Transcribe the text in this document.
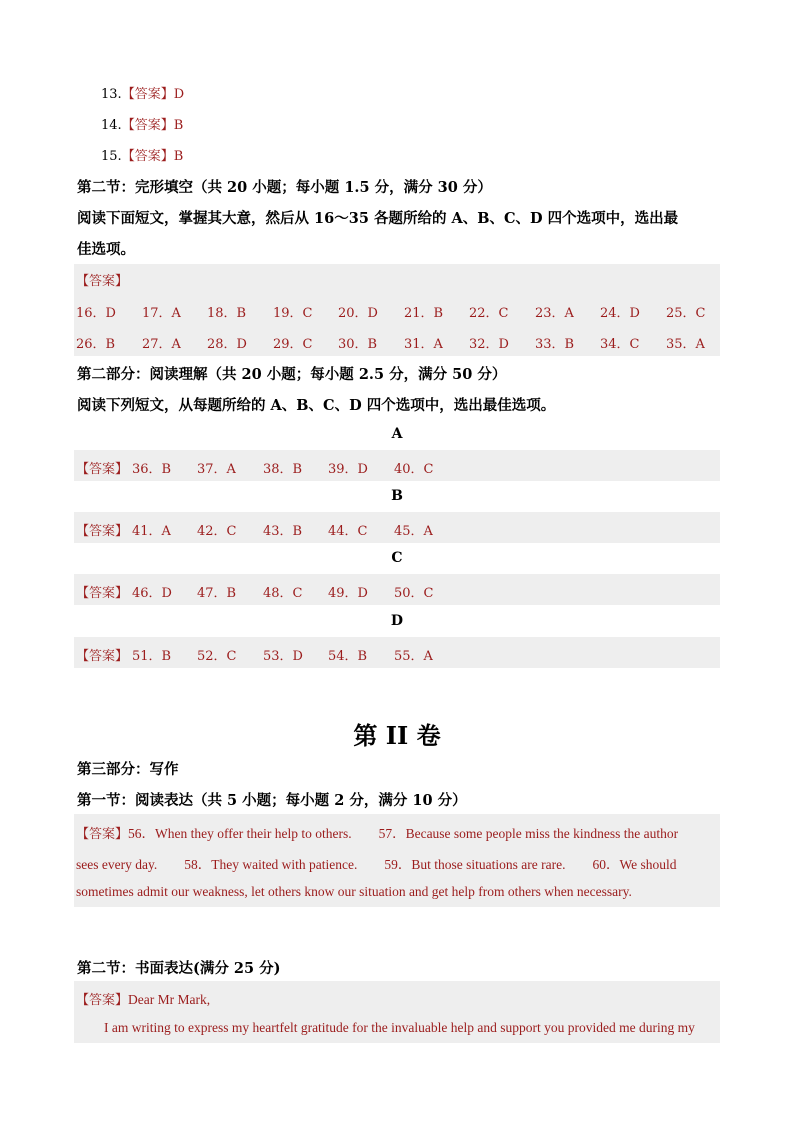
13.【答案】D
14.【答案】B
15.【答案】B
第二节：完形填空（共 20 小题；每小题 1.5 分，满分 30 分）
阅读下面短文，掌握其大意，然后从 16～35 各题所给的 A、B、C、D 四个选项中，选出最
佳选项。
【答案】
16．D 17．A 18．B 19．C 20．D 21．B 22．C 23．A 24．D 25．C
26．B 27．A 28．D 29．C 30．B 31．A 32．D 33．B 34．C 35．A
第二部分：阅读理解（共 20 小题；每小题 2.5 分，满分 50 分）
阅读下列短文，从每题所给的 A、B、C、D 四个选项中，选出最佳选项。
A
【答案】 36．B 37．A 38．B 39．D 40．C
B
【答案】 41．A 42．C 43．B 44．C 45．A
C
【答案】 46．D 47．B 48．C 49．D 50．C
D
【答案】 51．B 52．C 53．D 54．B 55．A
第 II 卷
第三部分：写作
第一节：阅读表达（共 5 小题；每小题 2 分，满分 10 分）
【答案】56．When they offer their help to others.　　57．Because some people miss the kindness the author
sees every day.　　58．They waited with patience.　　59．But those situations are rare.　　60．We should
sometimes admit our weakness, let others know our situation and get help from others when necessary.
第二节：书面表达(满分 25 分)
【答案】Dear Mr Mark,
I am writing to express my heartfelt gratitude for the invaluable help and support you provided me during my
